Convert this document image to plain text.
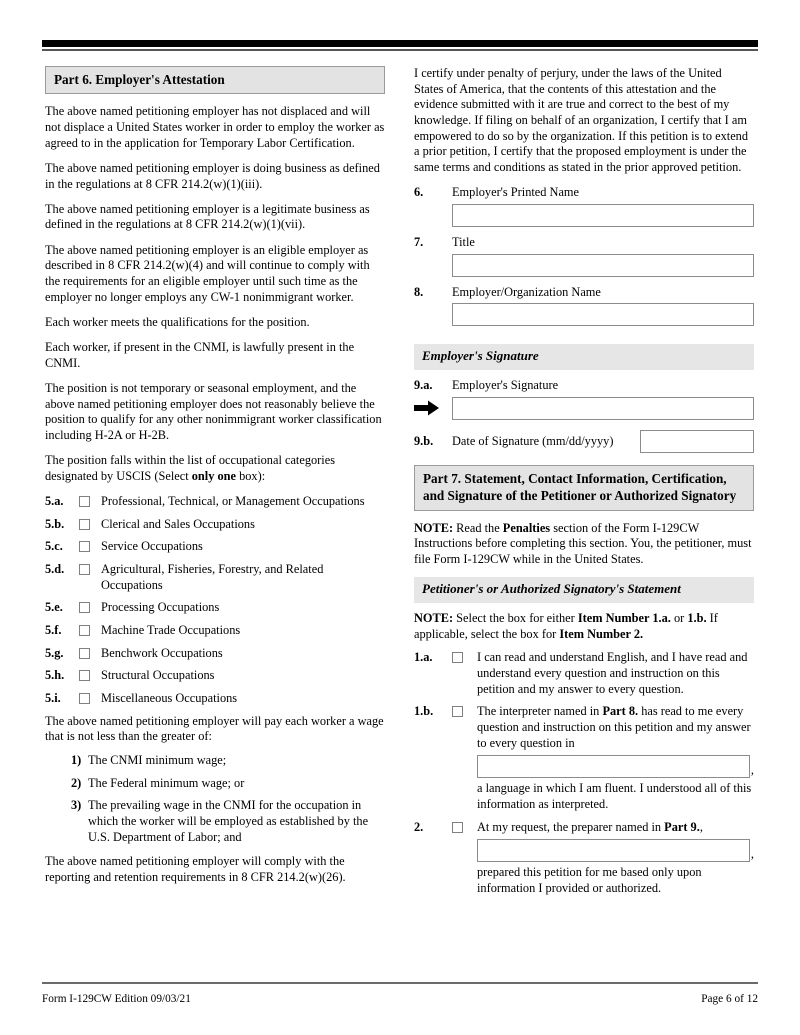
Part 6. Employer's Attestation

The above named petitioning employer has not displaced and will not displace a United States worker in order to employ the worker as agreed to in the application for Temporary Labor Certification.

The above named petitioning employer is doing business as defined in the regulations at 8 CFR 214.2(w)(1)(iii).

The above named petitioning employer is a legitimate business as defined in the regulations at 8 CFR 214.2(w)(1)(vii).

The above named petitioning employer is an eligible employer as described in 8 CFR 214.2(w)(4) and will continue to comply with the requirements for an eligible employer until such time as the employer no longer employs any CW-1 nonimmigrant worker.

Each worker meets the qualifications for the position.

Each worker, if present in the CNMI, is lawfully present in the CNMI.

The position is not temporary or seasonal employment, and the above named petitioning employer does not reasonably believe the position to qualify for any other nonimmigrant worker classification including H-2A or H-2B.

The position falls within the list of occupational categories designated by USCIS (Select only one box):

5.a.	Professional, Technical, or Management Occupations
5.b.	Clerical and Sales Occupations
5.c.	Service Occupations
5.d.	Agricultural, Fisheries, Forestry, and Related Occupations
5.e.	Processing Occupations
5.f.	Machine Trade Occupations
5.g.	Benchwork Occupations
5.h.	Structural Occupations
5.i.	Miscellaneous Occupations

The above named petitioning employer will pay each worker a wage that is not less than the greater of:

1) The CNMI minimum wage;
2) The Federal minimum wage; or
3) The prevailing wage in the CNMI for the occupation in which the worker will be employed as established by the U.S. Department of Labor; and

The above named petitioning employer will comply with the reporting and retention requirements in 8 CFR 214.2(w)(26).

I certify under penalty of perjury, under the laws of the United States of America, that the contents of this attestation and the evidence submitted with it are true and correct to the best of my knowledge. If filing on behalf of an organization, I certify that I am empowered to do so by the organization. If this petition is to extend a prior petition, I certify that the proposed employment is under the same terms and conditions as stated in the prior approved petition.

6.	Employer's Printed Name
7.	Title
8.	Employer/Organization Name
Employer's Signature
9.a.	Employer's Signature
9.b.	Date of Signature (mm/dd/yyyy)
Part 7. Statement, Contact Information, Certification, and Signature of the Petitioner or Authorized Signatory

NOTE: Read the Penalties section of the Form I-129CW Instructions before completing this section. You, the petitioner, must file Form I-129CW while in the United States.

Petitioner's or Authorized Signatory's Statement

NOTE: Select the box for either Item Number 1.a. or 1.b. If applicable, select the box for Item Number 2.

1.a.	I can read and understand English, and I have read and understand every question and instruction on this petition and my answer to every question.
1.b.	The interpreter named in Part 8. has read to me every question and instruction on this petition and my answer to every question in
,
a language in which I am fluent. I understood all of this information as interpreted.
2.	At my request, the preparer named in Part 9.,
,
prepared this petition for me based only upon information I provided or authorized.
Form I-129CW Edition 09/03/21	Page 6 of 12
